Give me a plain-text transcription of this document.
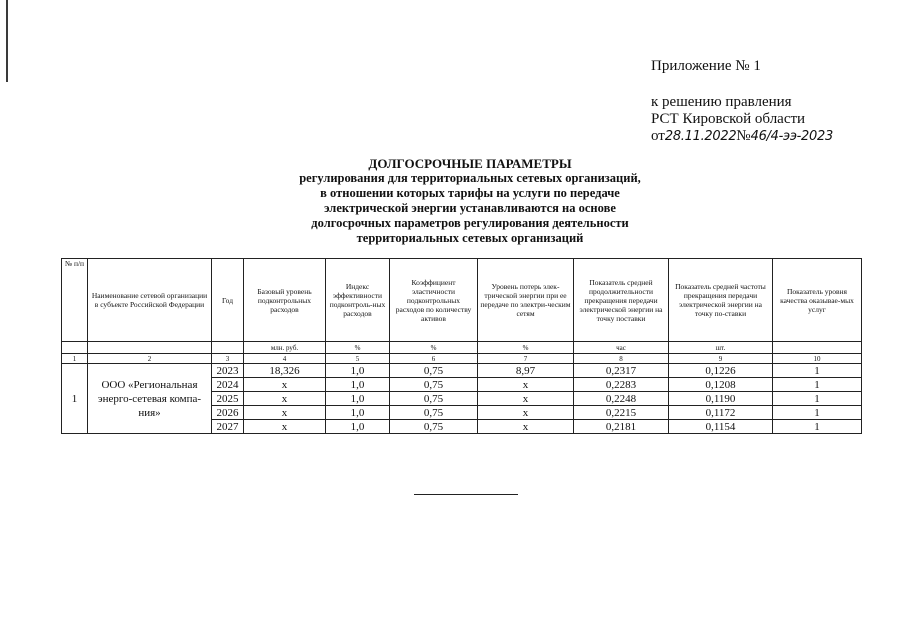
Приложение № 1
к решению правления
РСТ Кировской области
от28.11.2022№46/4-ээ-2023
ДОЛГОСРОЧНЫЕ ПАРАМЕТРЫ
регулирования для территориальных сетевых организаций,
в отношении которых тарифы на услуги по передаче
электрической энергии устанавливаются на основе
долгосрочных параметров регулирования деятельности
территориальных сетевых организаций
№ п/п	Наименование сетевой организации в субъекте Российской Федерации	Год	Базовый уровень подконтрольных расходов	Индекс эффективности подконтроль-ных расходов	Коэффициент эластичности подконтрольных расходов по количеству активов	Уровень потерь элек-трической энергии при ее передаче по электри-ческим сетям	Показатель средней продолжительности прекращения передачи электрической энергии на точку поставки	Показатель средней частоты прекращения передачи электрической энергии на точку по-ставки	Показатель уровня качества оказывае-мых услуг
			млн. руб.	%	%	%	час	шт.	
1	2	3	4	5	6	7	8	9	10
1	ООО «Региональная энерго-сетевая компа-ния»	2023	18,326	1,0	0,75	8,97	0,2317	0,1226	1
		2024	х	1,0	0,75	х	0,2283	0,1208	1
		2025	х	1,0	0,75	х	0,2248	0,1190	1
		2026	х	1,0	0,75	х	0,2215	0,1172	1
		2027	х	1,0	0,75	х	0,2181	0,1154	1
